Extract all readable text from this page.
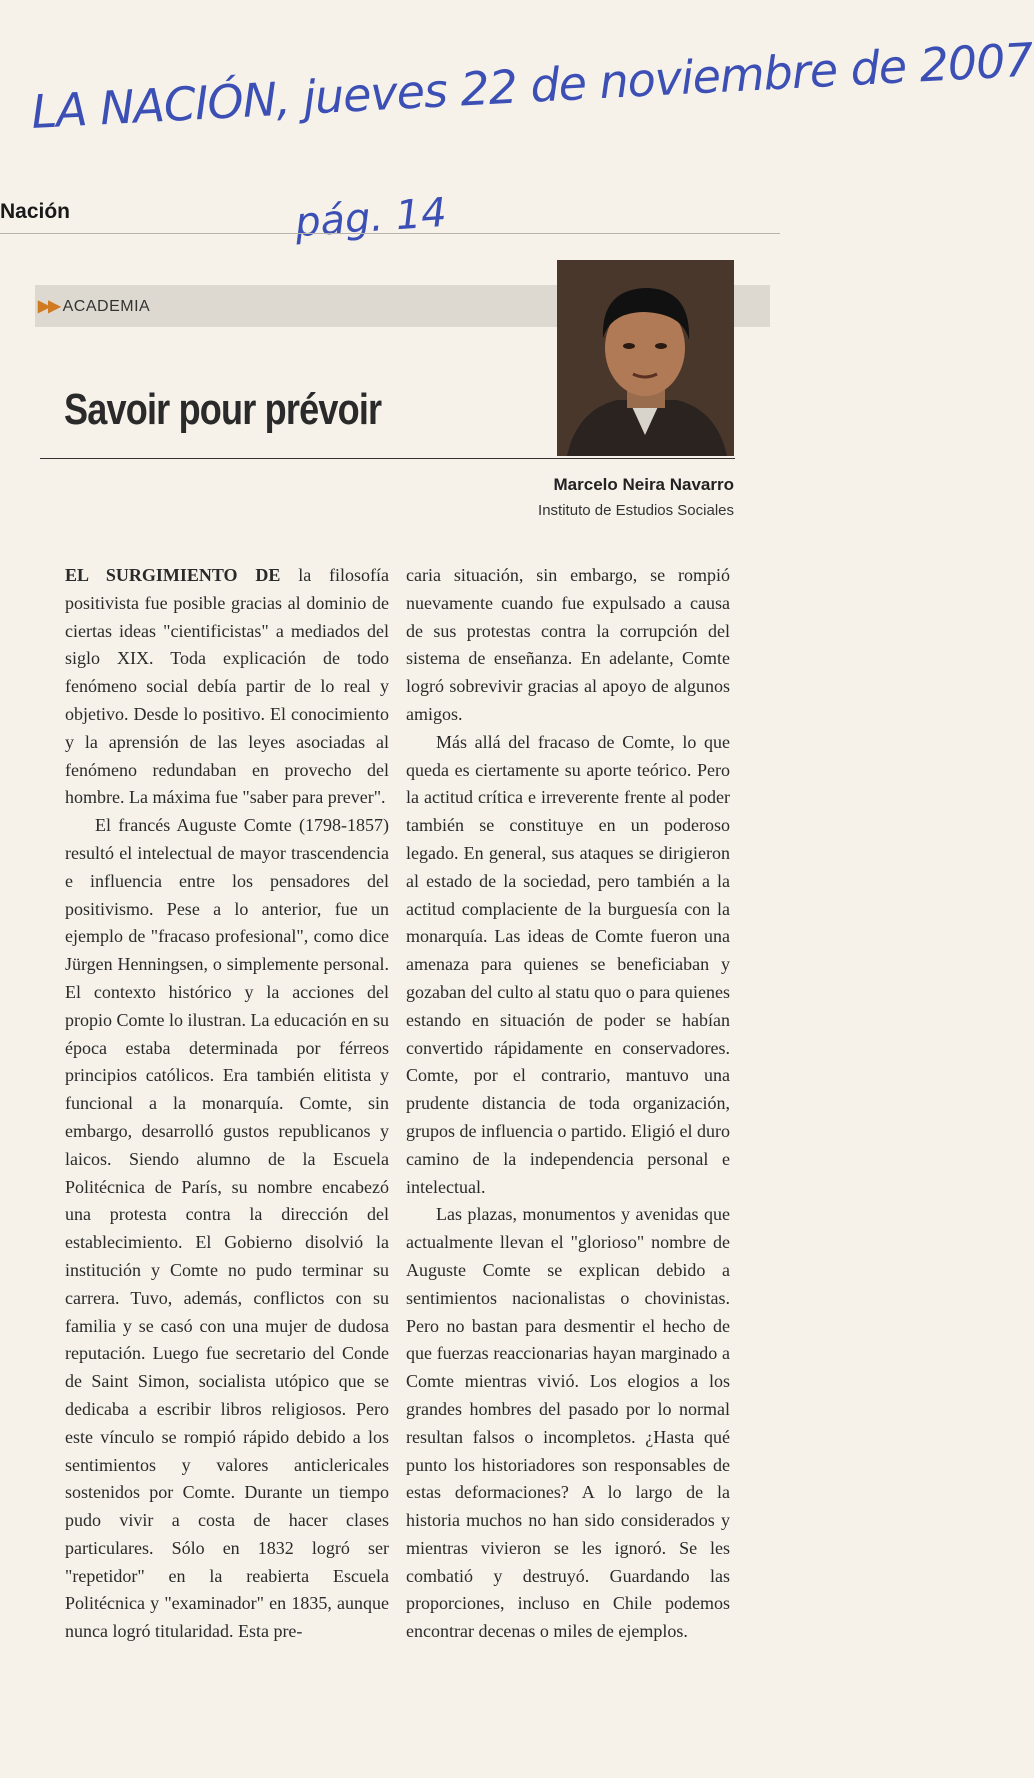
LA NACIÓN, jueves 22 de noviembre de 2007
pág. 14
Nación
▶▶ ACADEMIA
Savoir pour prévoir
Marcelo Neira Navarro
Instituto de Estudios Sociales

EL SURGIMIENTO DE la filosofía positivista fue posible gracias al dominio de ciertas ideas "cientificistas" a mediados del siglo XIX. Toda explicación de todo fenómeno social debía partir de lo real y objetivo. Desde lo positivo. El conocimiento y la aprensión de las leyes asociadas al fenómeno redundaban en provecho del hombre. La máxima fue "saber para prever".

El francés Auguste Comte (1798-1857) resultó el intelectual de mayor trascendencia e influencia entre los pensadores del positivismo. Pese a lo anterior, fue un ejemplo de "fracaso profesional", como dice Jürgen Henningsen, o simplemente personal. El contexto histórico y la acciones del propio Comte lo ilustran. La educación en su época estaba determinada por férreos principios católicos. Era también elitista y funcional a la monarquía. Comte, sin embargo, desarrolló gustos republicanos y laicos. Siendo alumno de la Escuela Politécnica de París, su nombre encabezó una protesta contra la dirección del establecimiento. El Gobierno disolvió la institución y Comte no pudo terminar su carrera. Tuvo, además, conflictos con su familia y se casó con una mujer de dudosa reputación. Luego fue secretario del Conde de Saint Simon, socialista utópico que se dedicaba a escribir libros religiosos. Pero este vínculo se rompió rápido debido a los sentimientos y valores anticlericales sostenidos por Comte. Durante un tiempo pudo vivir a costa de hacer clases particulares. Sólo en 1832 logró ser "repetidor" en la reabierta Escuela Politécnica y "examinador" en 1835, aunque nunca logró titularidad. Esta pre-

caria situación, sin embargo, se rompió nuevamente cuando fue expulsado a causa de sus protestas contra la corrupción del sistema de enseñanza. En adelante, Comte logró sobrevivir gracias al apoyo de algunos amigos.

Más allá del fracaso de Comte, lo que queda es ciertamente su aporte teórico. Pero la actitud crítica e irreverente frente al poder también se constituye en un poderoso legado. En general, sus ataques se dirigieron al estado de la sociedad, pero también a la actitud complaciente de la burguesía con la monarquía. Las ideas de Comte fueron una amenaza para quienes se beneficiaban y gozaban del culto al statu quo o para quienes estando en situación de poder se habían convertido rápidamente en conservadores. Comte, por el contrario, mantuvo una prudente distancia de toda organización, grupos de influencia o partido. Eligió el duro camino de la independencia personal e intelectual.

Las plazas, monumentos y avenidas que actualmente llevan el "glorioso" nombre de Auguste Comte se explican debido a sentimientos nacionalistas o chovinistas. Pero no bastan para desmentir el hecho de que fuerzas reaccionarias hayan marginado a Comte mientras vivió. Los elogios a los grandes hombres del pasado por lo normal resultan falsos o incompletos. ¿Hasta qué punto los historiadores son responsables de estas deformaciones? A lo largo de la historia muchos no han sido considerados y mientras vivieron se les ignoró. Se les combatió y destruyó. Guardando las proporciones, incluso en Chile podemos encontrar decenas o miles de ejemplos.
